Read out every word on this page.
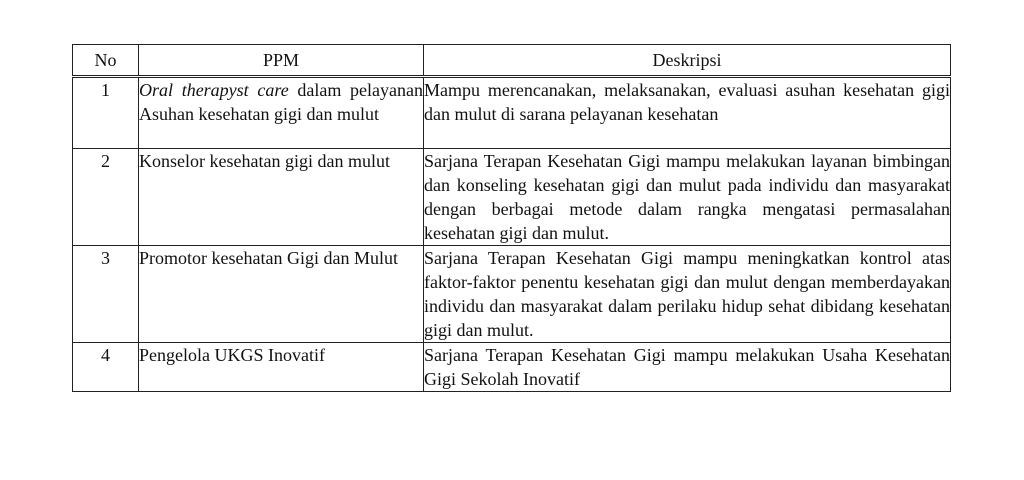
No	PPM	Deskripsi
1	Oral therapyst care dalam pelayanan Asuhan kesehatan gigi dan mulut	Mampu merencanakan, melaksanakan, evaluasi asuhan kesehatan gigi dan mulut di sarana pelayanan kesehatan
2	Konselor kesehatan gigi dan mulut	Sarjana Terapan Kesehatan Gigi mampu melakukan layanan bimbingan dan konseling kesehatan gigi dan mulut pada individu dan masyarakat dengan berbagai metode dalam rangka mengatasi permasalahan kesehatan gigi dan mulut.
3	Promotor kesehatan Gigi dan Mulut	Sarjana Terapan Kesehatan Gigi mampu meningkatkan kontrol atas faktor-faktor penentu kesehatan gigi dan mulut dengan memberdayakan individu dan masyarakat dalam perilaku hidup sehat dibidang kesehatan gigi dan mulut.
4	Pengelola UKGS Inovatif	Sarjana Terapan Kesehatan Gigi mampu melakukan Usaha Kesehatan Gigi Sekolah Inovatif
